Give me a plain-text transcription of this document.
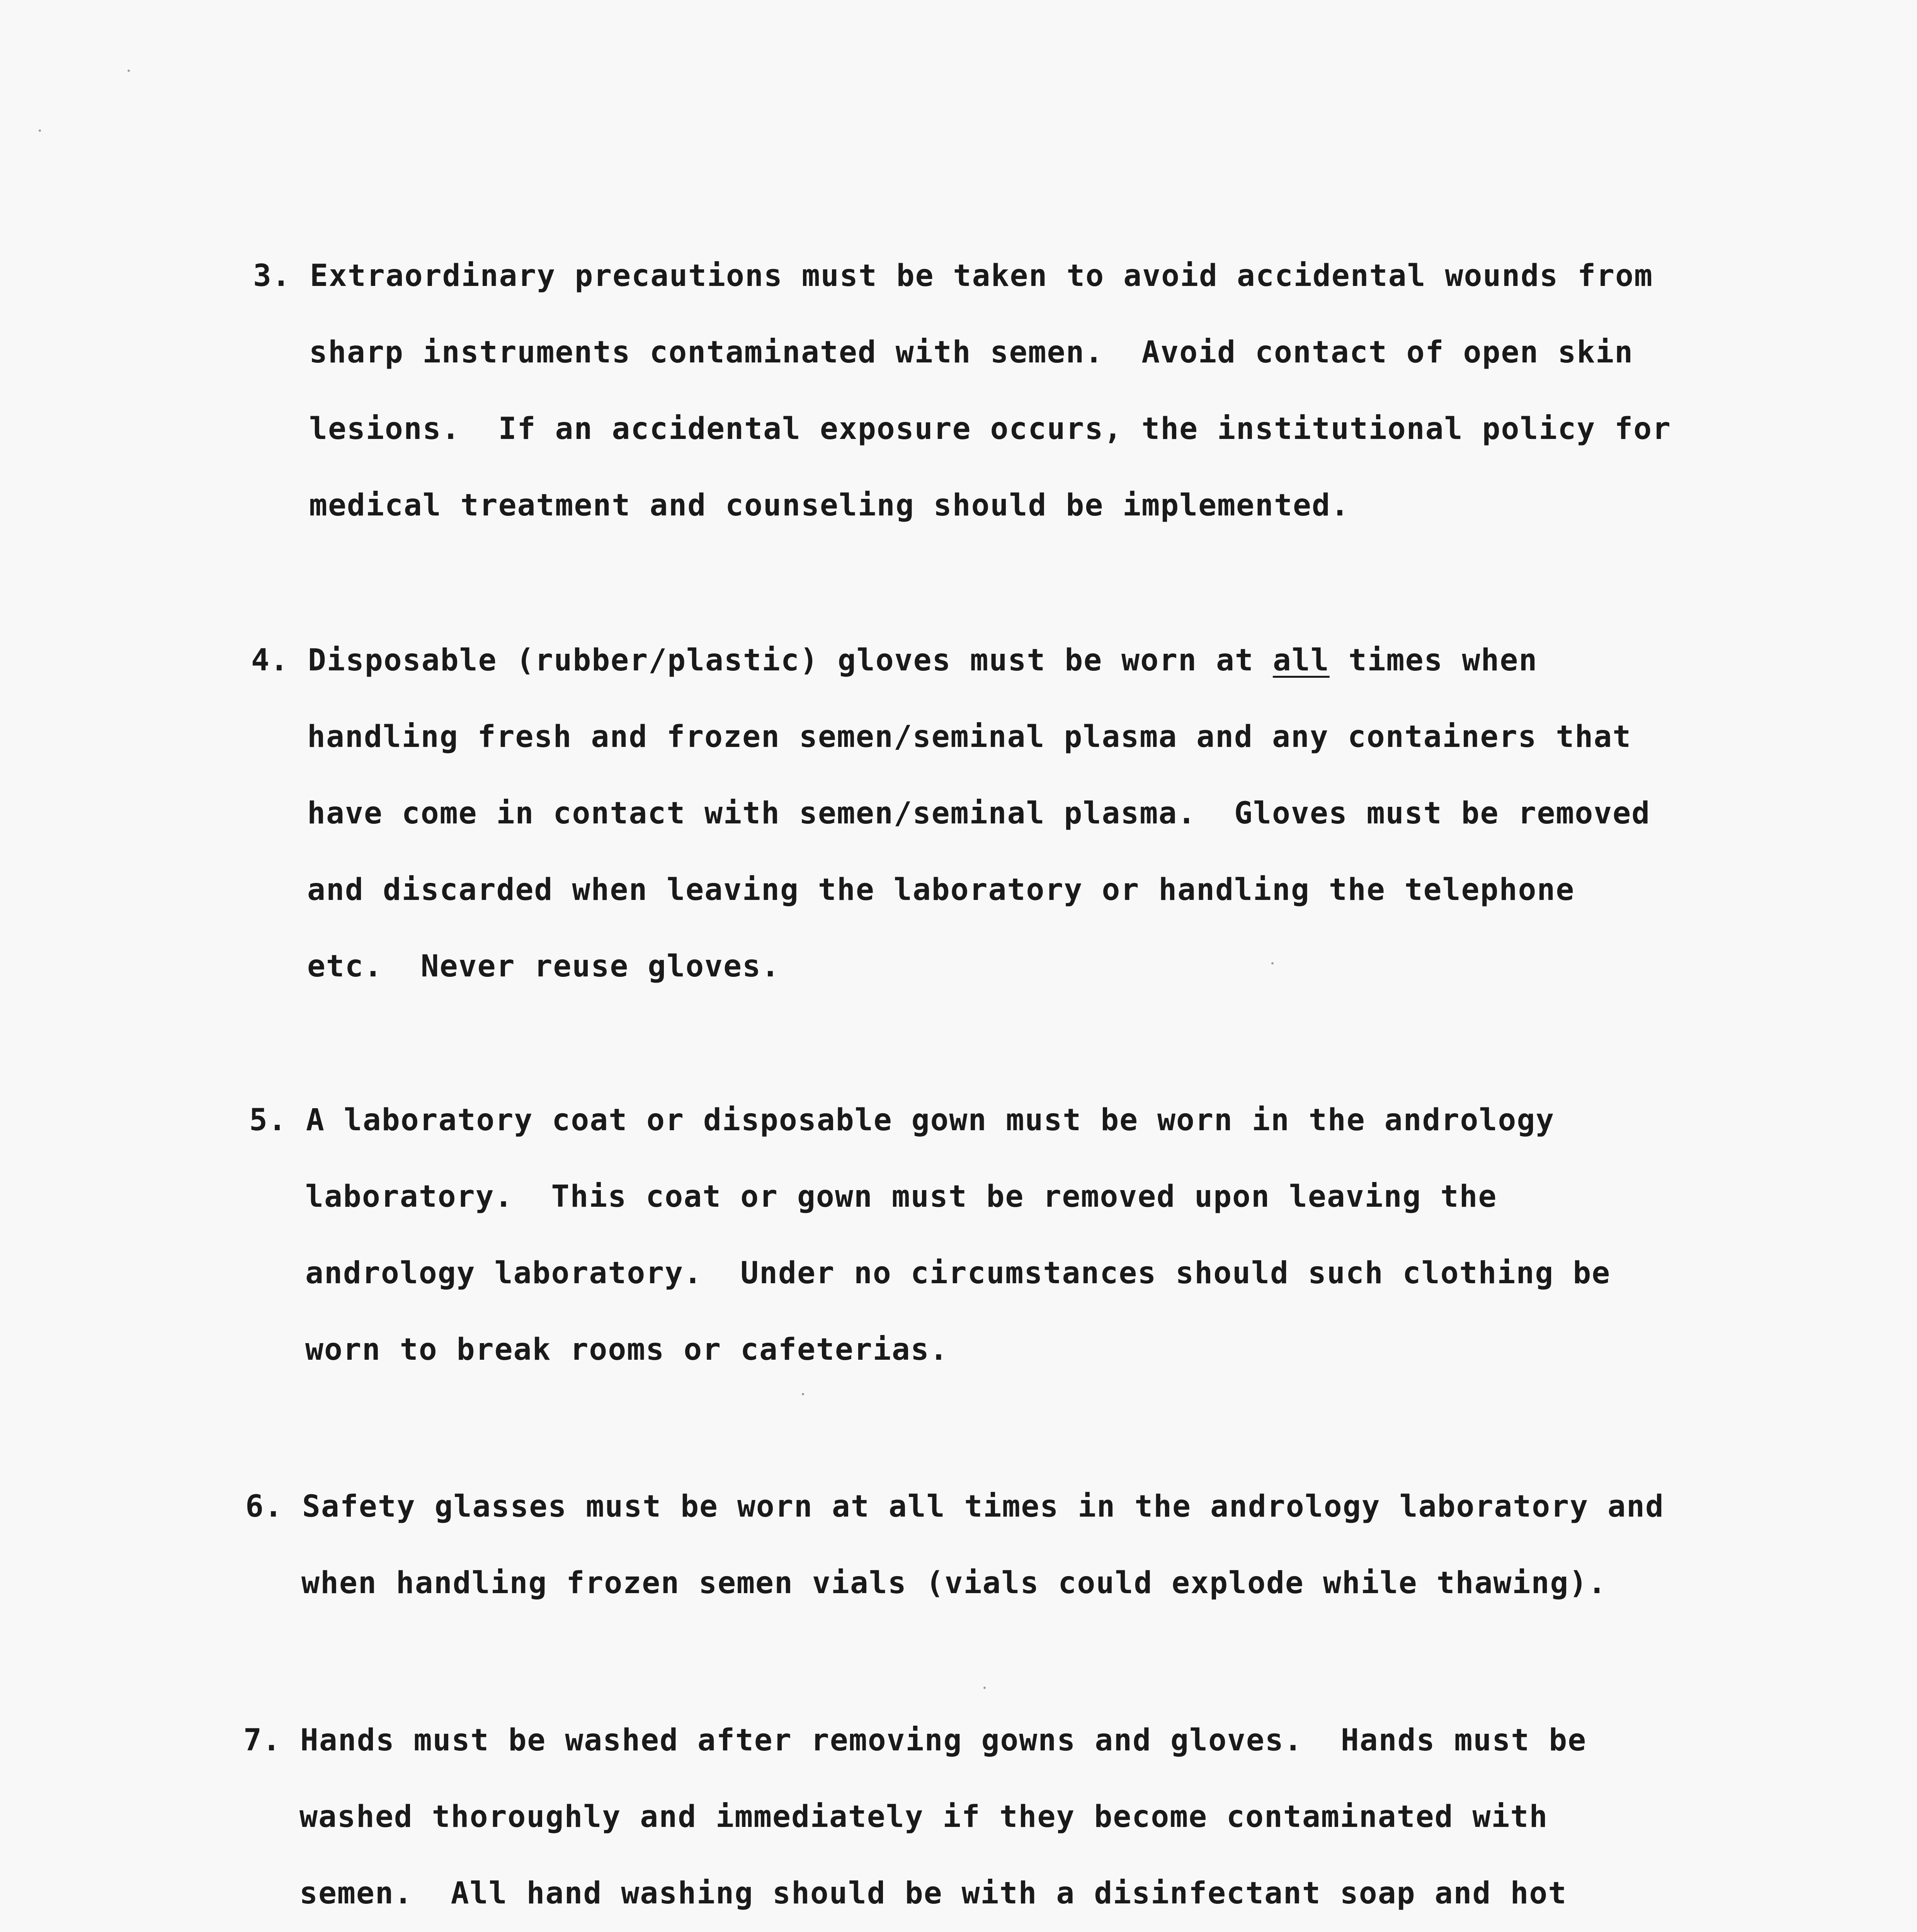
3. Extraordinary precautions must be taken to avoid accidental wounds from
sharp instruments contaminated with semen.  Avoid contact of open skin
lesions.  If an accidental exposure occurs, the institutional policy for
medical treatment and counseling should be implemented.
4. Disposable (rubber/plastic) gloves must be worn at all times when
handling fresh and frozen semen/seminal plasma and any containers that
have come in contact with semen/seminal plasma.  Gloves must be removed
and discarded when leaving the laboratory or handling the telephone
etc.  Never reuse gloves.
5. A laboratory coat or disposable gown must be worn in the andrology
laboratory.  This coat or gown must be removed upon leaving the
andrology laboratory.  Under no circumstances should such clothing be
worn to break rooms or cafeterias.
6. Safety glasses must be worn at all times in the andrology laboratory and
when handling frozen semen vials (vials could explode while thawing).
7. Hands must be washed after removing gowns and gloves.  Hands must be
washed thoroughly and immediately if they become contaminated with
semen.  All hand washing should be with a disinfectant soap and hot
